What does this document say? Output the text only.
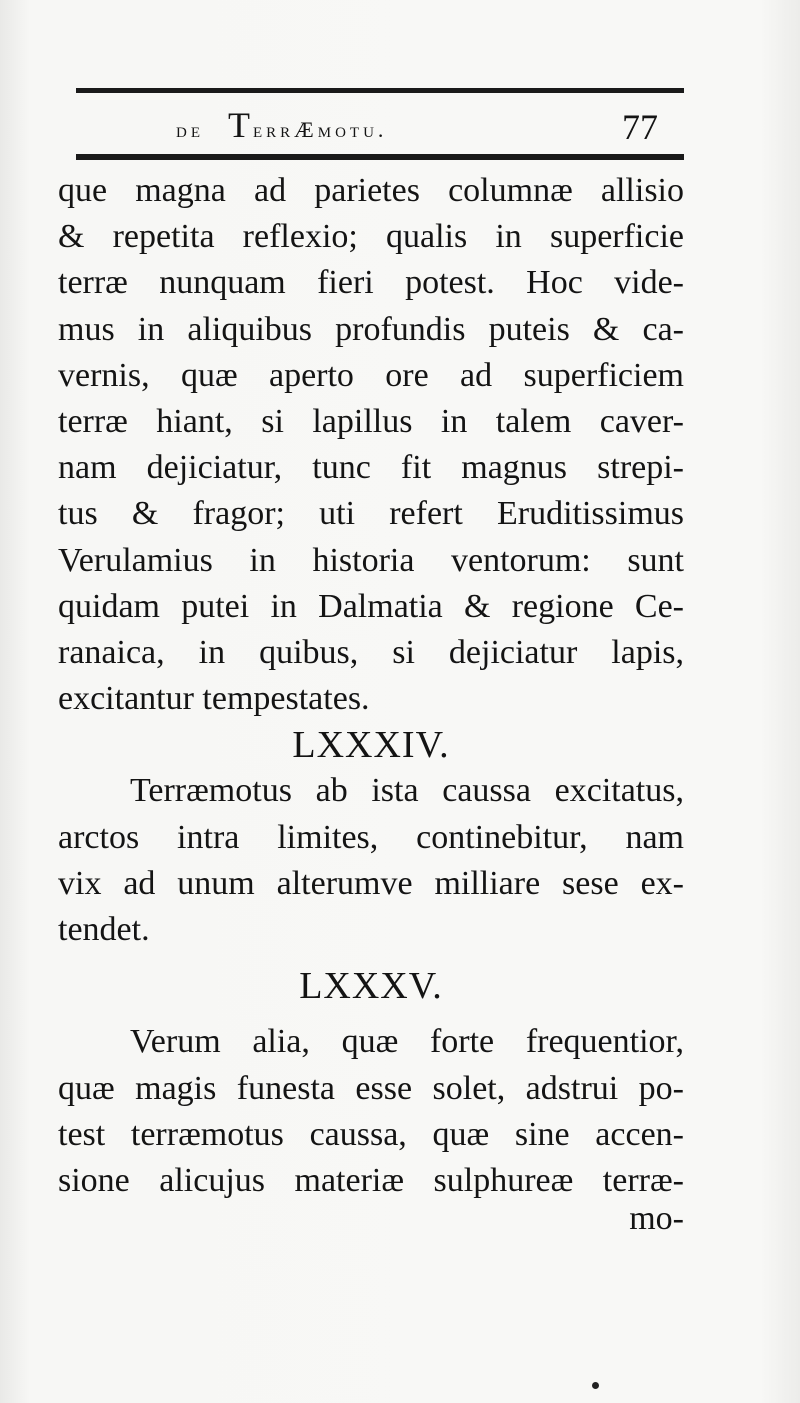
de TerrÆmotu.	77
que magna ad parietes columnæ allisio
& repetita reflexio; qualis in superficie
terræ nunquam fieri potest. Hoc vide-
mus in aliquibus profundis puteis & ca-
vernis, quæ aperto ore ad superficiem
terræ hiant, si lapillus in talem caver-
nam dejiciatur, tunc fit magnus strepi-
tus & fragor; uti refert Eruditissimus
Verulamius in historia ventorum: sunt
quidam putei in Dalmatia & regione Ce-
ranaica, in quibus, si dejiciatur lapis,
excitantur tempestates.
LXXXIV.
Terræmotus ab ista caussa excitatus,
arctos intra limites, continebitur, nam
vix ad unum alterumve milliare sese ex-
tendet.
LXXXV.
Verum alia, quæ forte frequentior,
quæ magis funesta esse solet, adstrui po-
test terræmotus caussa, quæ sine accen-
sione alicujus materiæ sulphureæ terræ-
mo-
